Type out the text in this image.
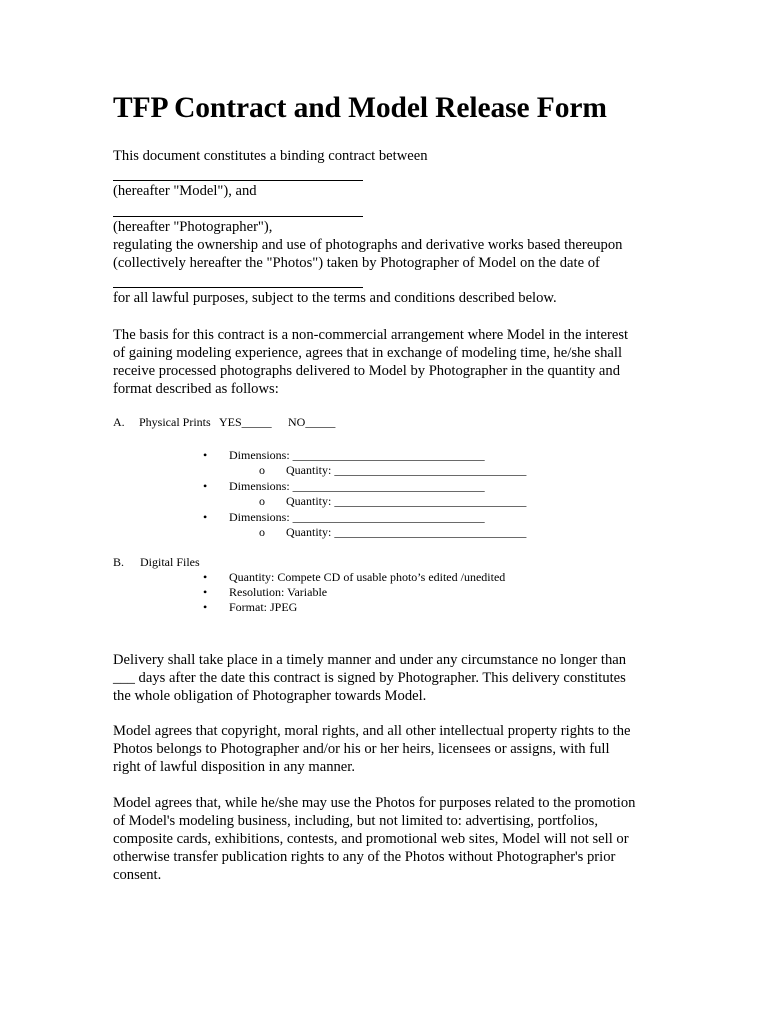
TFP Contract and Model Release Form
This document constitutes a binding contract between
(hereafter "Model"), and
(hereafter "Photographer"),
regulating the ownership and use of photographs and derivative works based thereupon
(collectively hereafter the "Photos") taken by Photographer of Model on the date of
for all lawful purposes, subject to the terms and conditions described below.
The basis for this contract is a non-commercial arrangement where Model in the interest
of gaining modeling experience, agrees that in exchange of modeling time, he/she shall
receive processed photographs delivered to Model by Photographer in the quantity and
format described as follows:
A. Physical Prints YES_____ NO_____
• Dimensions: ________________________________
o Quantity: ________________________________
• Dimensions: ________________________________
o Quantity: ________________________________
• Dimensions: ________________________________
o Quantity: ________________________________
B. Digital Files
• Quantity: Compete CD of usable photo’s edited /unedited
• Resolution: Variable
• Format: JPEG
Delivery shall take place in a timely manner and under any circumstance no longer than
___ days after the date this contract is signed by Photographer. This delivery constitutes
the whole obligation of Photographer towards Model.
Model agrees that copyright, moral rights, and all other intellectual property rights to the
Photos belongs to Photographer and/or his or her heirs, licensees or assigns, with full
right of lawful disposition in any manner.
Model agrees that, while he/she may use the Photos for purposes related to the promotion
of Model's modeling business, including, but not limited to: advertising, portfolios,
composite cards, exhibitions, contests, and promotional web sites, Model will not sell or
otherwise transfer publication rights to any of the Photos without Photographer's prior
consent.
